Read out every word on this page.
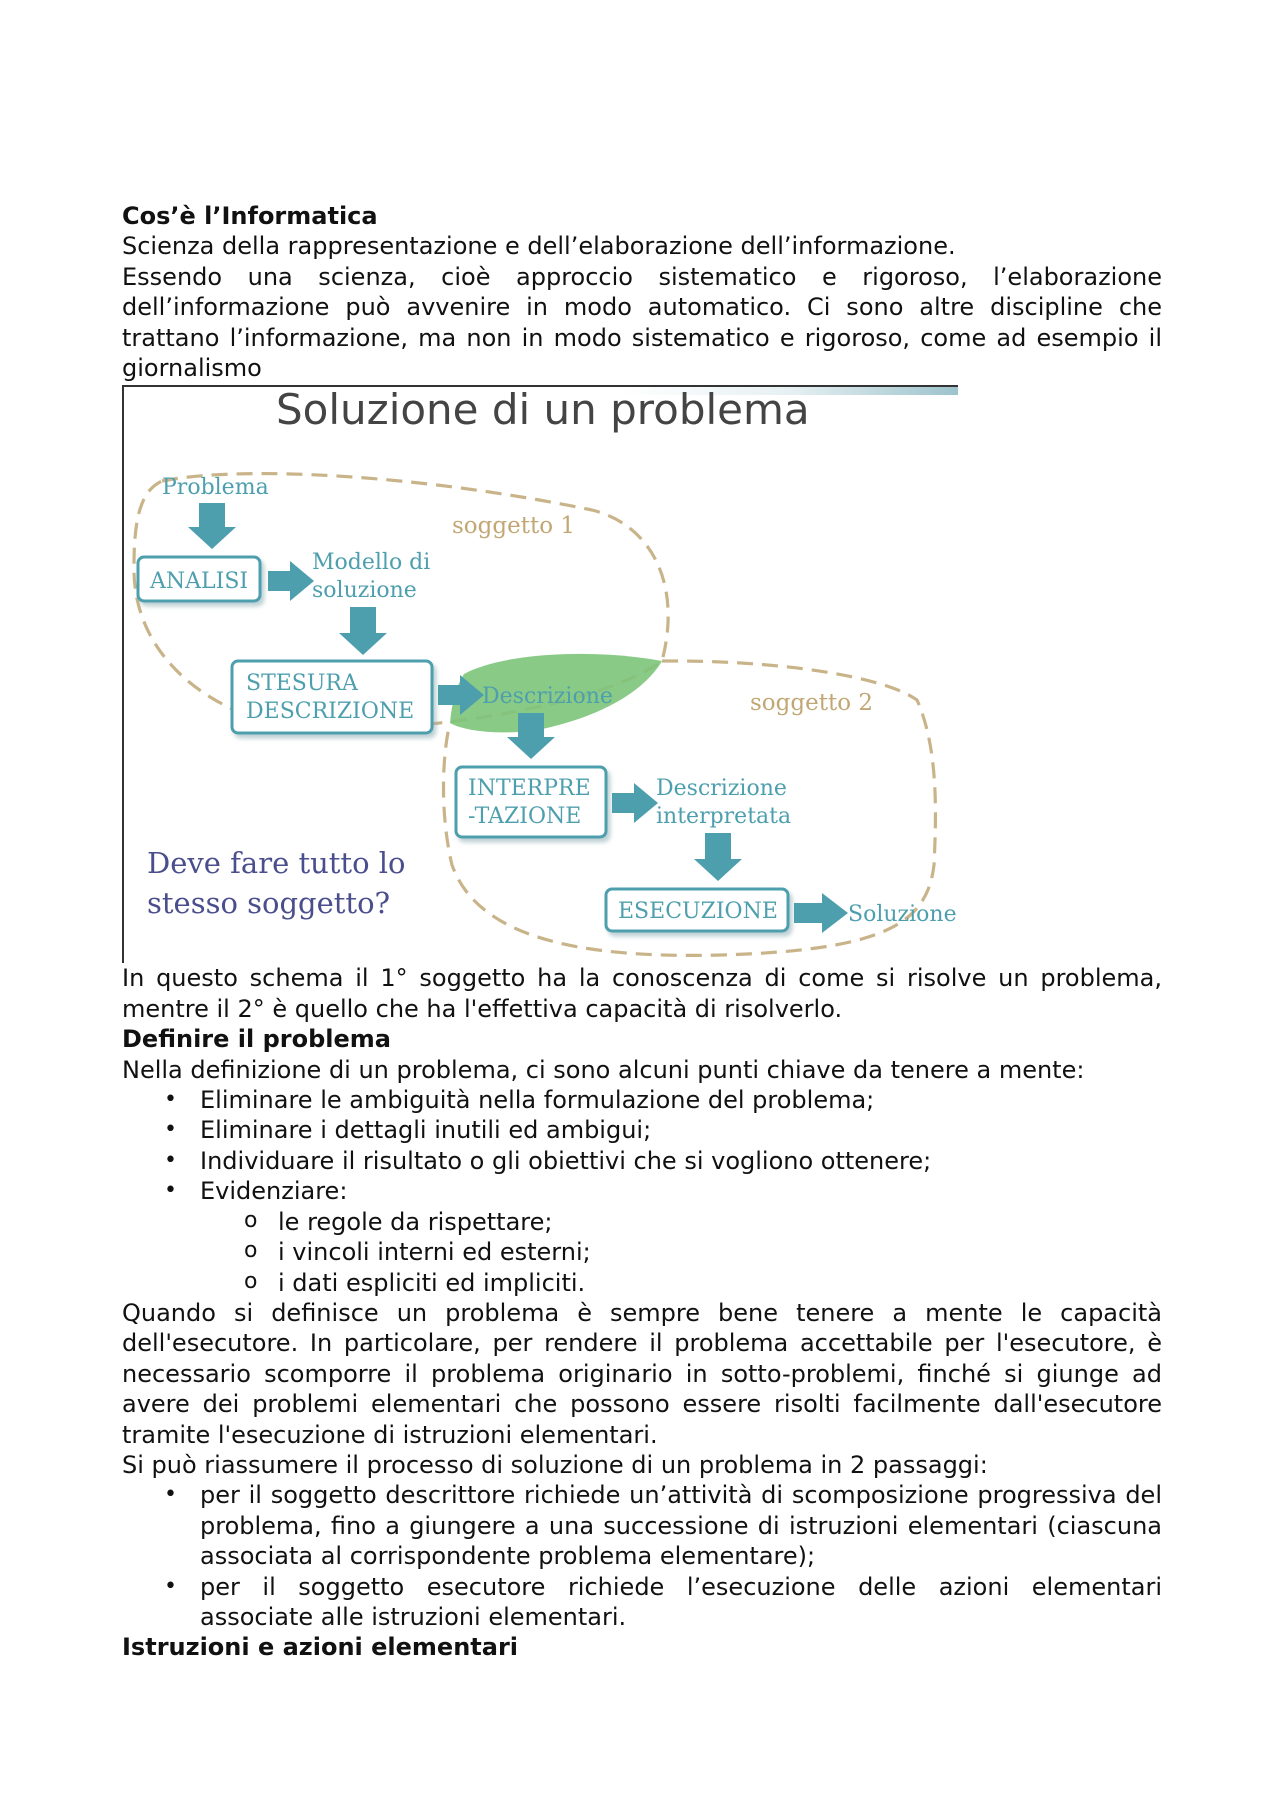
Cos’è l’Informatica

Scienza della rappresentazione e dell’elaborazione dell’informazione.

Essendo una scienza, cioè approccio sistematico e rigoroso, l’elaborazione dell’informazione può avvenire in modo automatico. Ci sono altre discipline che trattano l’informazione, ma non in modo sistematico e rigoroso, come ad esempio il giornalismo

Soluzione di un problema
soggetto 1
soggetto 2
Problema
ANALISI
Modello di
soluzione
STESURA
DESCRIZIONE
Descrizione
INTERPRE
-TAZIONE
Descrizione
interpretata
ESECUZIONE	Soluzione
Deve fare tutto lo
stesso soggetto?

In questo schema il 1° soggetto ha la conoscenza di come si risolve un problema, mentre il 2° è quello che ha l'effettiva capacità di risolverlo.

Definire il problema

Nella definizione di un problema, ci sono alcuni punti chiave da tenere a mente:

• Eliminare le ambiguità nella formulazione del problema;
• Eliminare i dettagli inutili ed ambigui;
• Individuare il risultato o gli obiettivi che si vogliono ottenere;
• Evidenziare:
o le regole da rispettare;
o i vincoli interni ed esterni;
o i dati espliciti ed impliciti.

Quando si definisce un problema è sempre bene tenere a mente le capacità dell'esecutore. In particolare, per rendere il problema accettabile per l'esecutore, è necessario scomporre il problema originario in sotto-problemi, finché si giunge ad avere dei problemi elementari che possono essere risolti facilmente dall'esecutore tramite l'esecuzione di istruzioni elementari.

Si può riassumere il processo di soluzione di un problema in 2 passaggi:

• per il soggetto descrittore richiede un’attività di scomposizione progressiva del problema, fino a giungere a una successione di istruzioni elementari (ciascuna associata al corrispondente problema elementare);
• per il soggetto esecutore richiede l’esecuzione delle azioni elementari associate alle istruzioni elementari.

Istruzioni e azioni elementari
